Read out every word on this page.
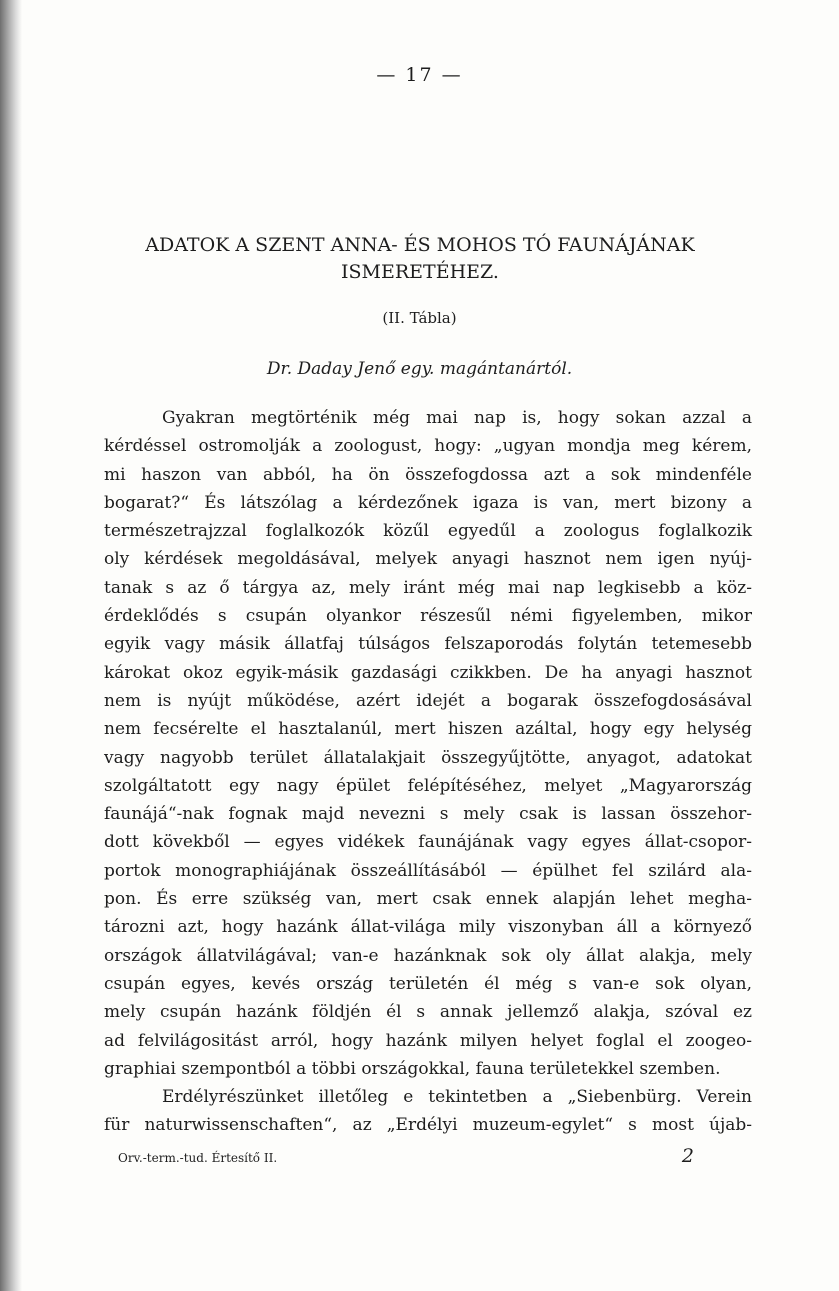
— 17 —
ADATOK A SZENT ANNA- ÉS MOHOS TÓ FAUNÁJÁNAK
ISMERETÉHEZ.
(II. Tábla)
Dr. Daday Jenő egy. magántanártól.
Gyakran megtörténik még mai nap is, hogy sokan azzal a
kérdéssel ostromolják a zoologust, hogy: „ugyan mondja meg kérem,
mi haszon van abból, ha ön összefogdossa azt a sok mindenféle
bogarat?“ És látszólag a kérdezőnek igaza is van, mert bizony a
természetrajzzal foglalkozók közűl egyedűl a zoologus foglalkozik
oly kérdések megoldásával, melyek anyagi hasznot nem igen nyúj-
tanak s az ő tárgya az, mely iránt még mai nap legkisebb a köz-
érdeklődés s csupán olyankor részesűl némi figyelemben, mikor
egyik vagy másik állatfaj túlságos felszaporodás folytán tetemesebb
károkat okoz egyik-másik gazdasági czikkben. De ha anyagi hasznot
nem is nyújt működése, azért idejét a bogarak összefogdosásával
nem fecsérelte el hasztalanúl, mert hiszen azáltal, hogy egy helység
vagy nagyobb terület állatalakjait összegyűjtötte, anyagot, adatokat
szolgáltatott egy nagy épület felépítéséhez, melyet „Magyarország
faunájá“-nak fognak majd nevezni s mely csak is lassan összehor-
dott kövekből — egyes vidékek faunájának vagy egyes állat-csopor-
portok monographiájának összeállításából — épülhet fel szilárd ala-
pon. És erre szükség van, mert csak ennek alapján lehet megha-
tározni azt, hogy hazánk állat-világa mily viszonyban áll a környező
országok állatvilágával; van-e hazánknak sok oly állat alakja, mely
csupán egyes, kevés ország területén él még s van-e sok olyan,
mely csupán hazánk földjén él s annak jellemző alakja, szóval ez
ad felvilágositást arról, hogy hazánk milyen helyet foglal el zoogeo-
graphiai szempontból a többi országokkal, fauna területekkel szemben.
Erdélyrészünket illetőleg e tekintetben a „Siebenbürg. Verein
für naturwissenschaften“, az „Erdélyi muzeum-egylet“ s most újab-
Orv.-term.-tud. Értesítő II.	2
